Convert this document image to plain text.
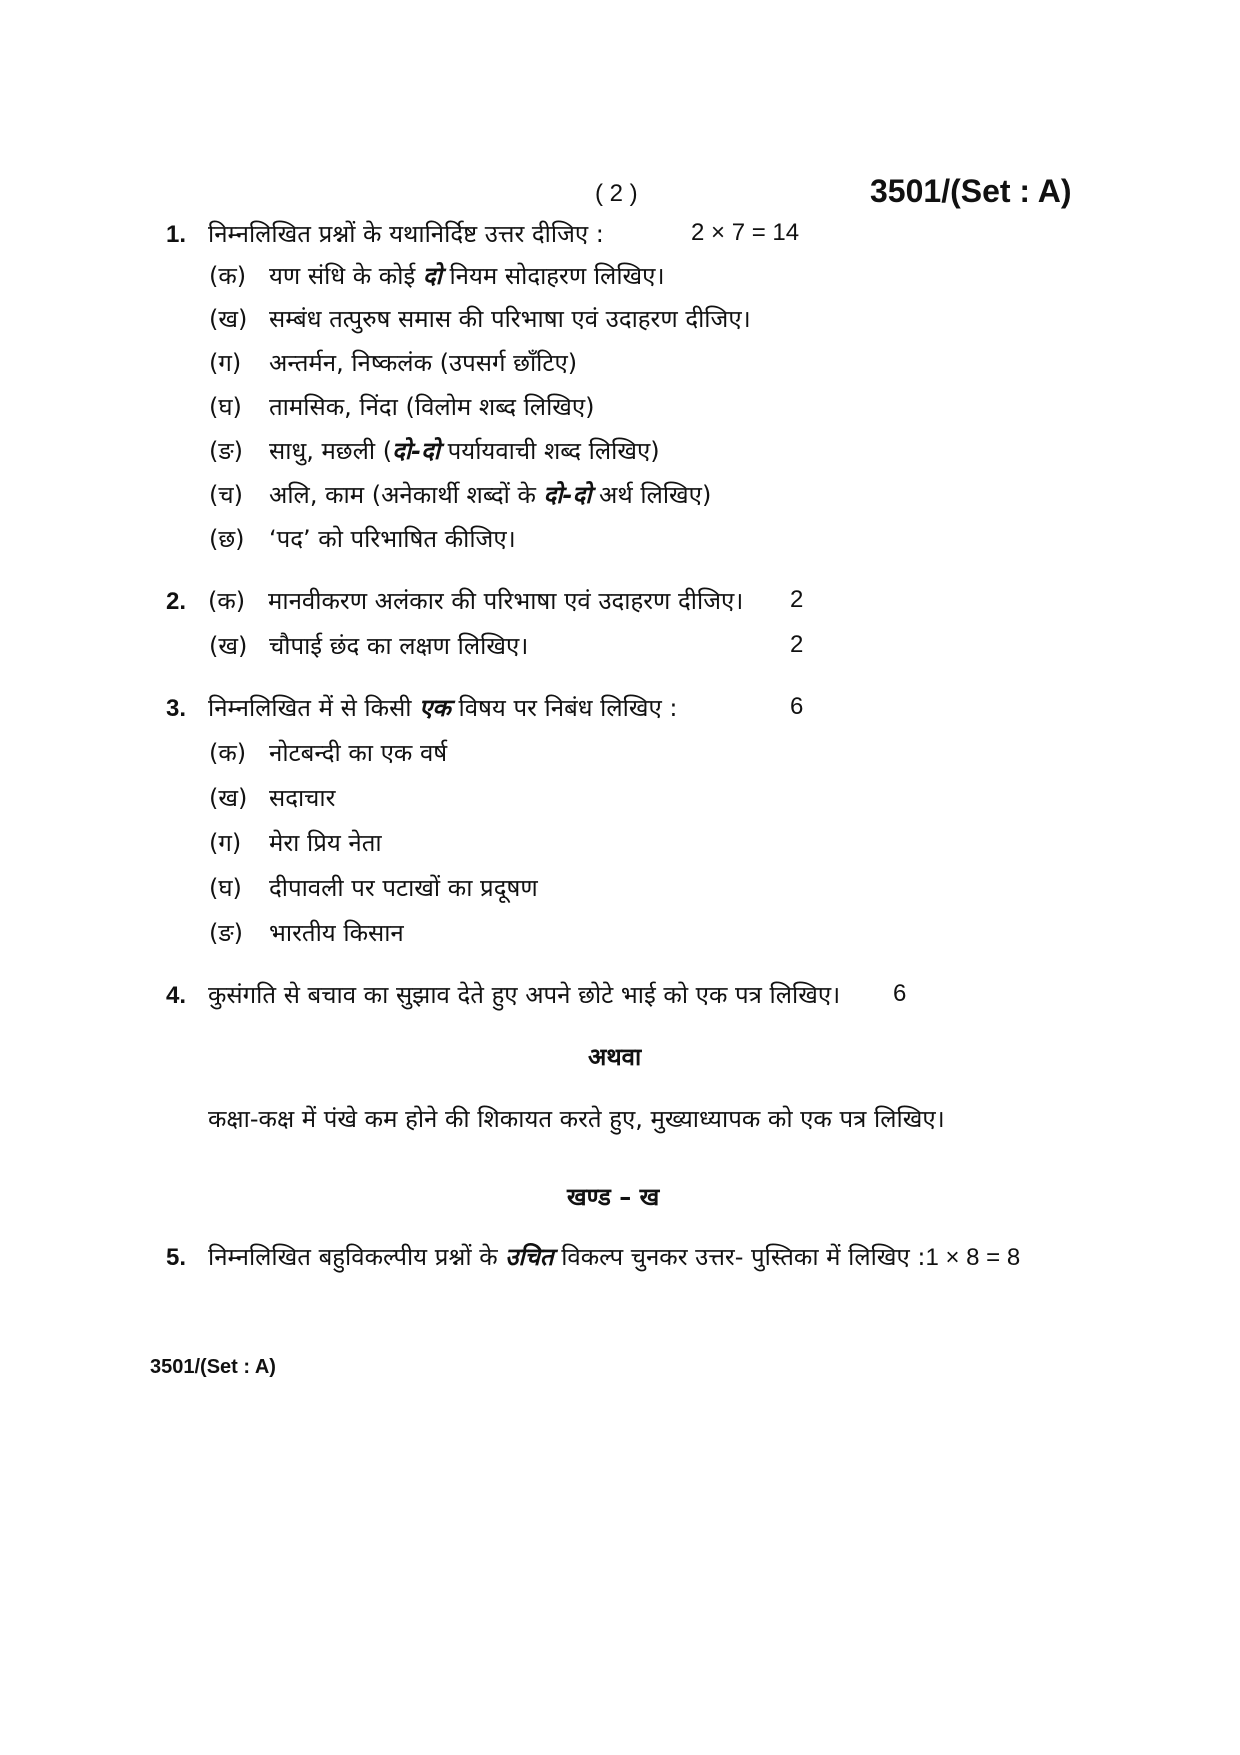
( 2 )	3501/(Set : A)
1. निम्नलिखित प्रश्नों के यथानिर्दिष्ट उत्तर दीजिए :	2 × 7 = 14
(क) यण संधि के कोई दो नियम सोदाहरण लिखिए।
(ख) सम्बंध तत्पुरुष समास की परिभाषा एवं उदाहरण दीजिए।
(ग) अन्तर्मन, निष्कलंक (उपसर्ग छाँटिए)
(घ) तामसिक, निंदा (विलोम शब्द लिखिए)
(ङ) साधु, मछली (दो-दो पर्यायवाची शब्द लिखिए)
(च) अलि, काम (अनेकार्थी शब्दों के दो-दो अर्थ लिखिए)
(छ) ‘पद’ को परिभाषित कीजिए।
2. (क) मानवीकरण अलंकार की परिभाषा एवं उदाहरण दीजिए। 2
(ख) चौपाई छंद का लक्षण लिखिए।	2
3. निम्नलिखित में से किसी एक विषय पर निबंध लिखिए :	6
(क) नोटबन्दी का एक वर्ष
(ख) सदाचार
(ग) मेरा प्रिय नेता
(घ) दीपावली पर पटाखों का प्रदूषण
(ङ) भारतीय किसान
4. कुसंगति से बचाव का सुझाव देते हुए अपने छोटे भाई को एक पत्र लिखिए। 6
अथवा
कक्षा-कक्ष में पंखे कम होने की शिकायत करते हुए, मुख्याध्यापक को एक पत्र लिखिए।
खण्ड – ख
5. निम्नलिखित बहुविकल्पीय प्रश्नों के उचित विकल्प चुनकर उत्तर- पुस्तिका में लिखिए :1 × 8 = 8
3501/(Set : A)
